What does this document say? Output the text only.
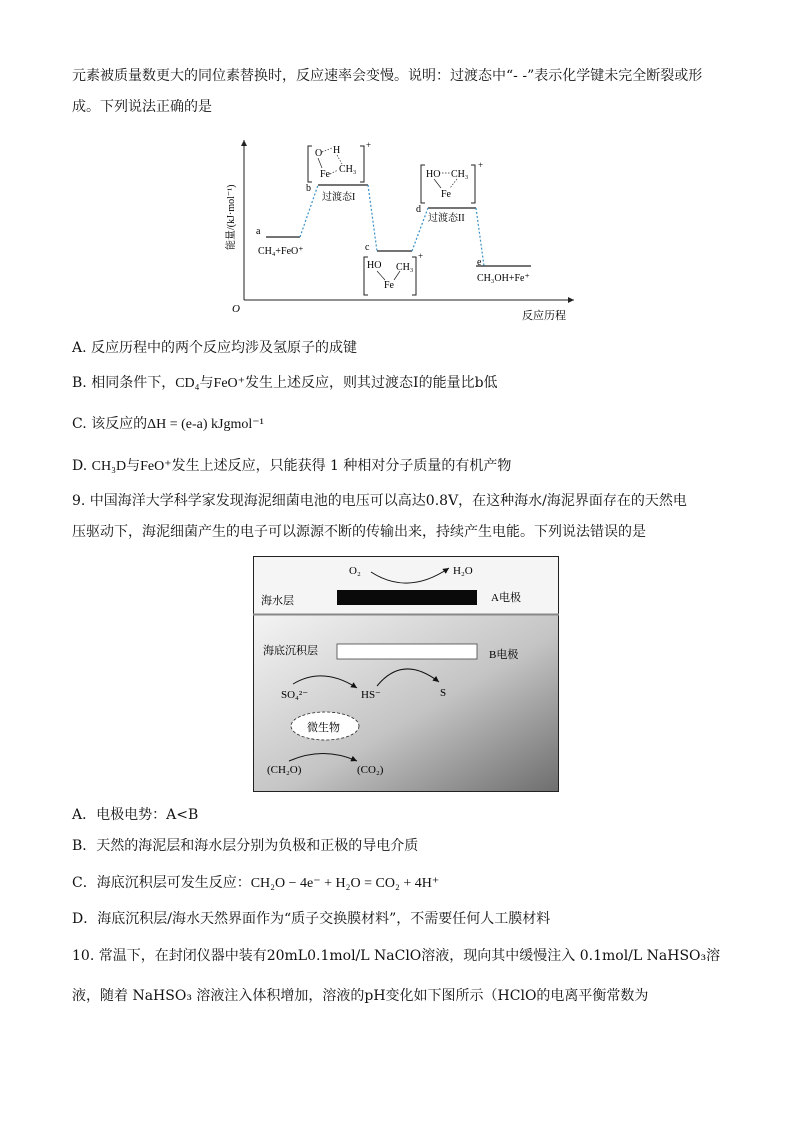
元素被质量数更大的同位素替换时，反应速率会变慢。说明：过渡态中“- -”表示化学键未完全断裂或形
成。下列说法正确的是
O
反应历程
能量/(kJ·mol⁻¹) a
CH₄+FeO⁺
b
c
d
e
CH₃OH+Fe⁺
O H
Fe CH₃
+
过渡态I
HO CH₃
Fe
+
过渡态II
HO CH₃
Fe
+
A. 反应历程中的两个反应均涉及氢原子的成键
B. 相同条件下，CD₄与FeO⁺发生上述反应，则其过渡态Ⅰ的能量比b低
C. 该反应的ΔH = (e-a) kJgmol⁻¹
D. CH₃D与FeO⁺发生上述反应，只能获得 1 种相对分子质量的有机产物
9. 中国海洋大学科学家发现海泥细菌电池的电压可以高达0.8V，在这种海水/海泥界面存在的天然电
压驱动下，海泥细菌产生的电子可以源源不断的传输出来，持续产生电能。下列说法错误的是
O₂	H₂O
海水层	A电极
海底沉积层	B电极
HS⁻	S
SO₄²⁻
微生物
(CH₂O)	(CO₂)
A．电极电势：A<B
B．天然的海泥层和海水层分别为负极和正极的导电介质
C．海底沉积层可发生反应：CH₂O − 4e⁻ + H₂O = CO₂ + 4H⁺
D．海底沉积层/海水天然界面作为“质子交换膜材料”，不需要任何人工膜材料
10. 常温下，在封闭仪器中装有20mL0.1mol/L NaClO溶液，现向其中缓慢注入 0.1mol/L NaHSO₃溶
液，随着 NaHSO₃ 溶液注入体积增加，溶液的pH变化如下图所示（HClO的电离平衡常数为
